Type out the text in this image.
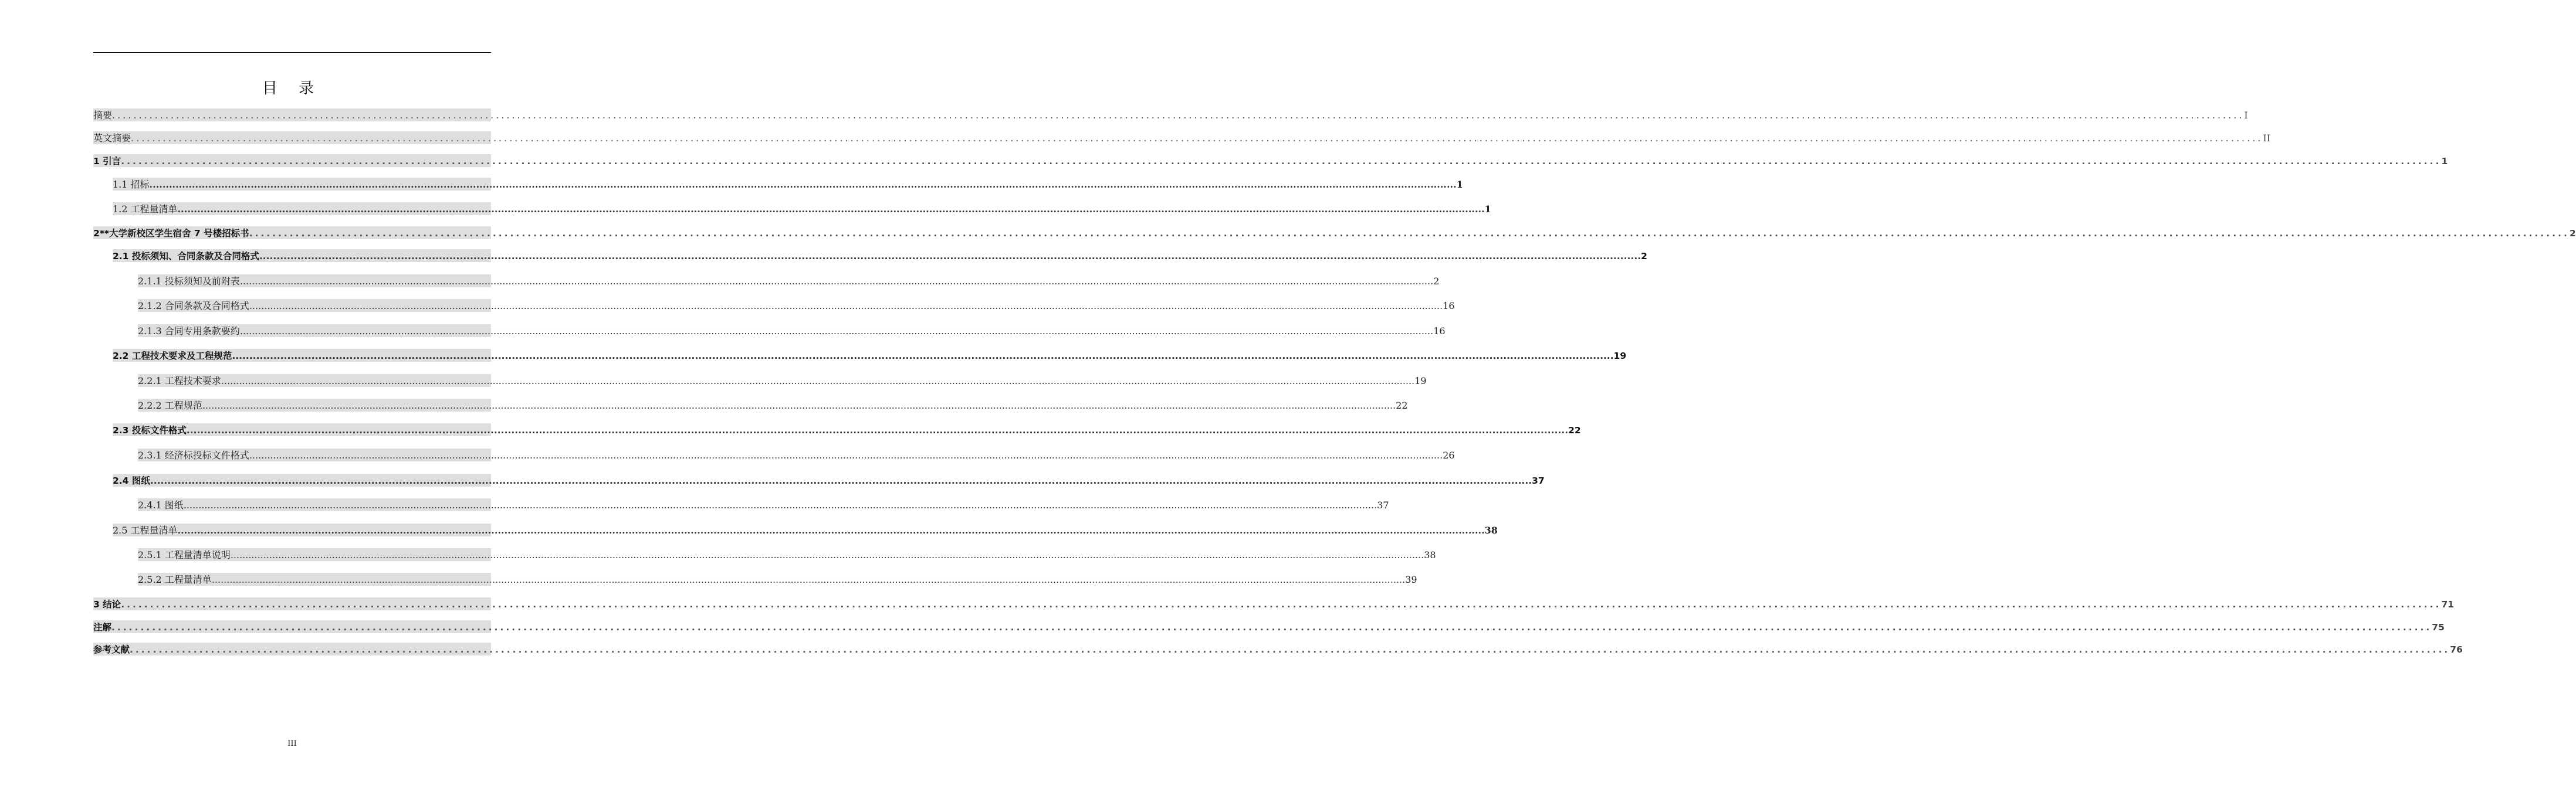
目 录
摘要 ................................................................................................................................................................................................................................................................................................................................................................................................................ I
英文摘要 ................................................................................................................................................................................................................................................................................................................................................................................................................ II
1 引言 ................................................................................................................................................................................................................................................................................................................................................................................................................ 1
1.1 招标 ................................................................................................................................................................................................................................................................................................................................................................................................................ 1
1.2 工程量清单 ................................................................................................................................................................................................................................................................................................................................................................................................................ 1
2**大学新校区学生宿舍 7 号楼招标书 ................................................................................................................................................................................................................................................................................................................................................................................................................ 2
2.1 投标须知、合同条款及合同格式 ................................................................................................................................................................................................................................................................................................................................................................................................................ 2
2.1.1 投标须知及前附表 ................................................................................................................................................................................................................................................................................................................................................................................................................ 2
2.1.2 合同条款及合同格式 ................................................................................................................................................................................................................................................................................................................................................................................................................ 16
2.1.3 合同专用条款要约 ................................................................................................................................................................................................................................................................................................................................................................................................................ 16
2.2 工程技术要求及工程规范 ................................................................................................................................................................................................................................................................................................................................................................................................................ 19
2.2.1 工程技术要求 ................................................................................................................................................................................................................................................................................................................................................................................................................ 19
2.2.2 工程规范 ................................................................................................................................................................................................................................................................................................................................................................................................................ 22
2.3 投标文件格式 ................................................................................................................................................................................................................................................................................................................................................................................................................ 22
2.3.1 经济标投标文件格式 ................................................................................................................................................................................................................................................................................................................................................................................................................ 26
2.4 图纸 ................................................................................................................................................................................................................................................................................................................................................................................................................ 37
2.4.1 图纸 ................................................................................................................................................................................................................................................................................................................................................................................................................ 37
2.5 工程量清单 ................................................................................................................................................................................................................................................................................................................................................................................................................ 38
2.5.1 工程量清单说明 ................................................................................................................................................................................................................................................................................................................................................................................................................ 38
2.5.2 工程量清单 ................................................................................................................................................................................................................................................................................................................................................................................................................ 39
3 结论 ................................................................................................................................................................................................................................................................................................................................................................................................................ 71
注解 ................................................................................................................................................................................................................................................................................................................................................................................................................ 75
参考文献 ................................................................................................................................................................................................................................................................................................................................................................................................................ 76
III
